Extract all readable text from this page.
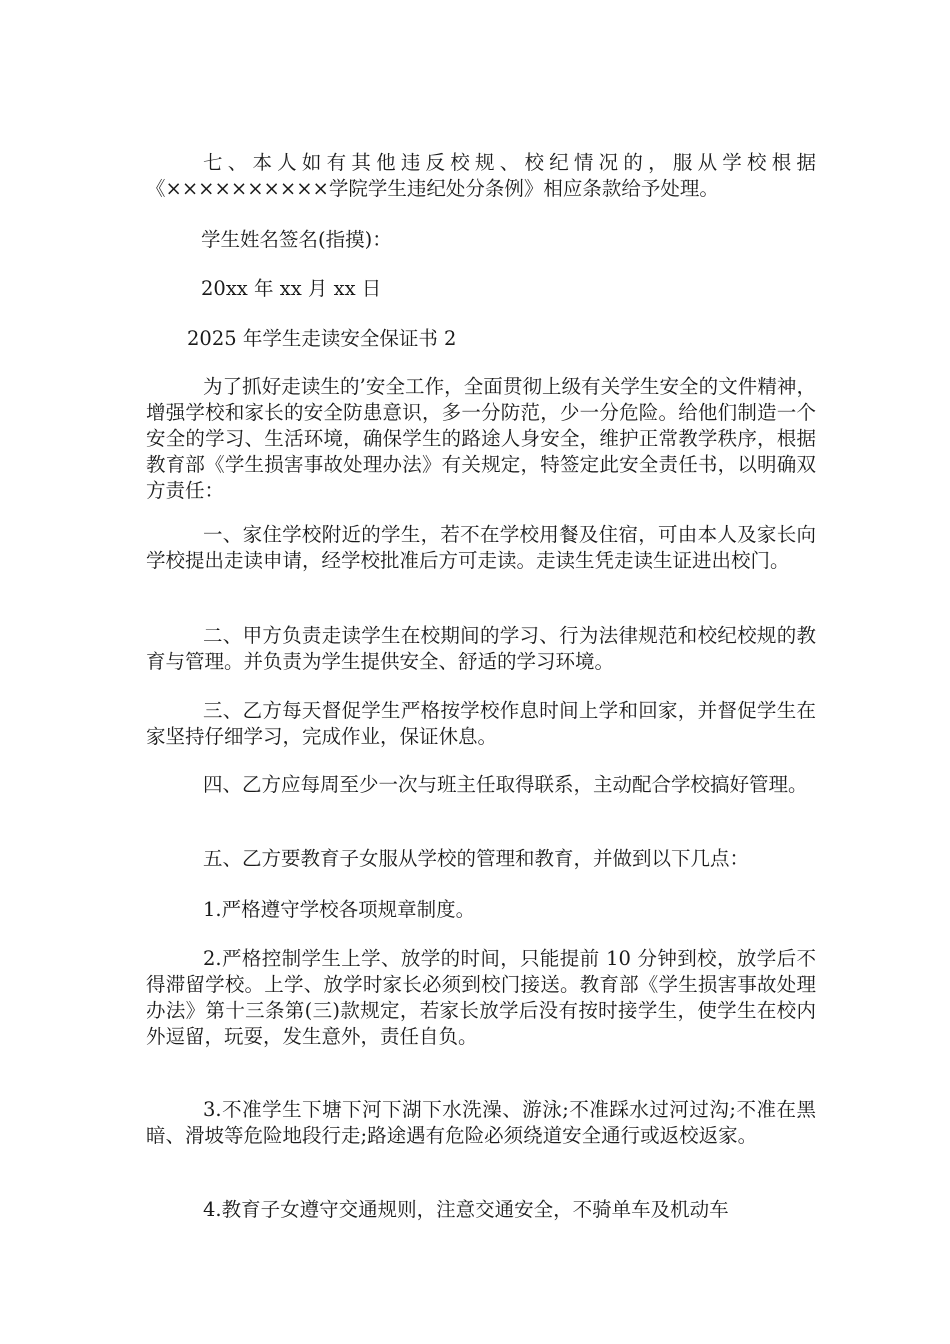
七、本人如有其他违反校规、校纪情况的，服从学校根据《××××××××××学院学生违纪处分条例》相应条款给予处理。

学生姓名签名(指摸)：

20xx 年 xx 月 xx 日

2025 年学生走读安全保证书 2

为了抓好走读生的’安全工作，全面贯彻上级有关学生安全的文件精神，增强学校和家长的安全防患意识，多一分防范，少一分危险。给他们制造一个安全的学习、生活环境，确保学生的路途人身安全，维护正常教学秩序，根据教育部《学生损害事故处理办法》有关规定，特签定此安全责任书，以明确双方责任：

一、家住学校附近的学生，若不在学校用餐及住宿，可由本人及家长向学校提出走读申请，经学校批准后方可走读。走读生凭走读生证进出校门。

二、甲方负责走读学生在校期间的学习、行为法律规范和校纪校规的教育与管理。并负责为学生提供安全、舒适的学习环境。

三、乙方每天督促学生严格按学校作息时间上学和回家，并督促学生在家坚持仔细学习，完成作业，保证休息。

四、乙方应每周至少一次与班主任取得联系，主动配合学校搞好管理。

五、乙方要教育子女服从学校的管理和教育，并做到以下几点：

1.严格遵守学校各项规章制度。

2.严格控制学生上学、放学的时间，只能提前 10 分钟到校，放学后不得滞留学校。上学、放学时家长必须到校门接送。教育部《学生损害事故处理办法》第十三条第(三)款规定，若家长放学后没有按时接学生，使学生在校内外逗留，玩耍，发生意外，责任自负。

3.不准学生下塘下河下湖下水洗澡、游泳;不准踩水过河过沟;不准在黑暗、滑坡等危险地段行走;路途遇有危险必须绕道安全通行或返校返家。

4.教育子女遵守交通规则，注意交通安全，不骑单车及机动车
